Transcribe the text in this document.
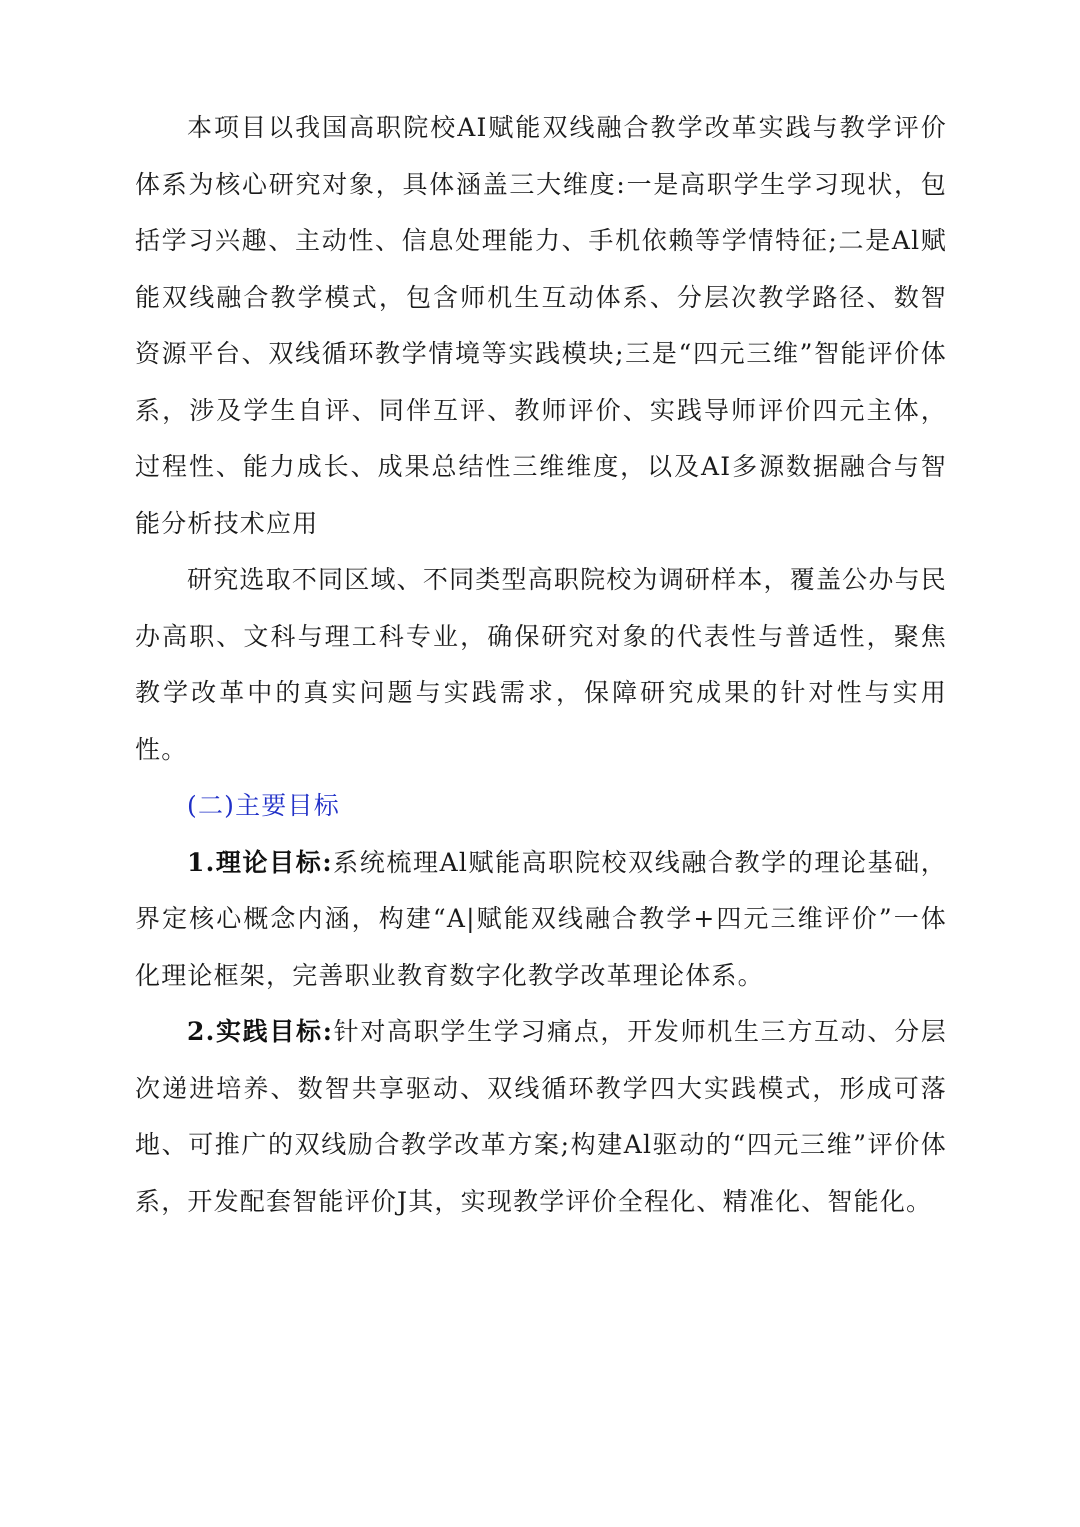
本项目以我国高职院校AI赋能双线融合教学改革实践与教学评价体系为核心研究对象，具体涵盖三大维度:一是高职学生学习现状，包括学习兴趣、主动性、信息处理能力、手机依赖等学情特征;二是Al赋能双线融合教学模式，包含师机生互动体系、分层次教学路径、数智资源平台、双线循环教学情境等实践模块;三是“四元三维”智能评价体系，涉及学生自评、同伴互评、教师评价、实践导师评价四元主体，过程性、能力成长、成果总结性三维维度，以及AI多源数据融合与智能分析技术应用

研究选取不同区域、不同类型高职院校为调研样本，覆盖公办与民办高职、文科与理工科专业，确保研究对象的代表性与普适性，聚焦教学改革中的真实问题与实践需求，保障研究成果的针对性与实用性。

(二)主要目标

1.理论目标:系统梳理Al赋能高职院校双线融合教学的理论基础，界定核心概念内涵，构建“A|赋能双线融合教学+四元三维评价”一体化理论框架，完善职业教育数字化教学改革理论体系。

2.实践目标:针对高职学生学习痛点，开发师机生三方互动、分层次递进培养、数智共享驱动、双线循环教学四大实践模式，形成可落地、可推广的双线励合教学改革方案;构建Al驱动的“四元三维”评价体系，开发配套智能评价J其，实现教学评价全程化、精准化、智能化。
